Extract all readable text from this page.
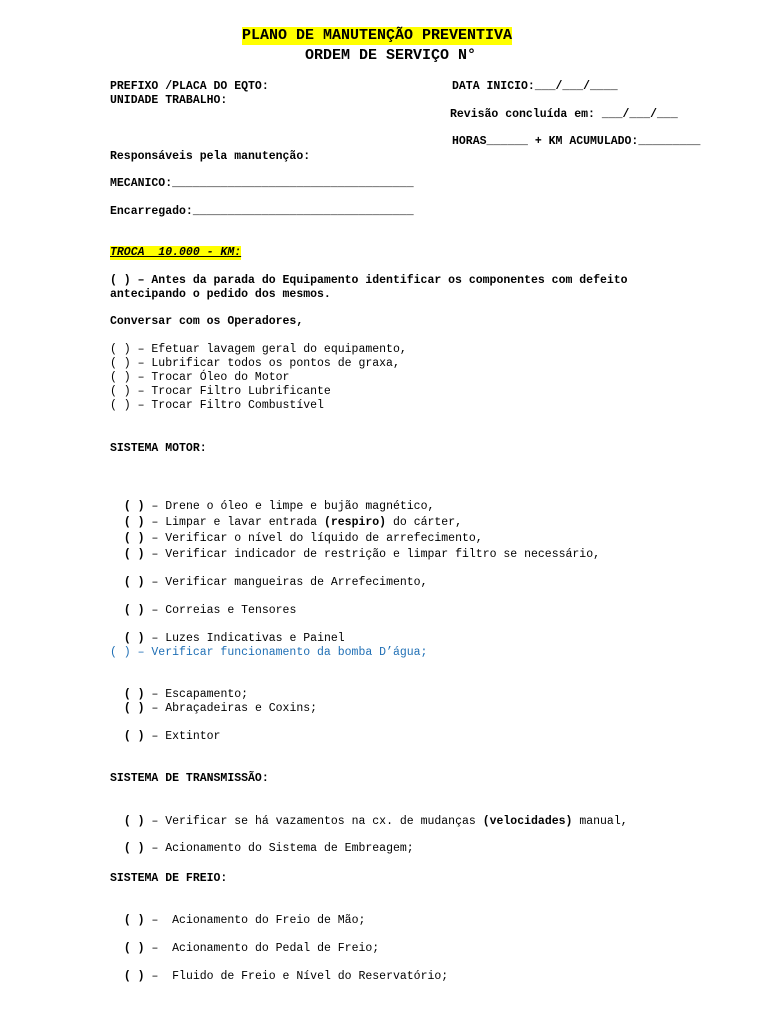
PLANO DE MANUTENÇÃO PREVENTIVA
ORDEM DE SERVIÇO N°
PREFIXO /PLACA DO EQTO:
UNIDADE TRABALHO:
DATA INICIO:___/___/____
Revisão concluída em: ___/___/___
HORAS______ + KM ACUMULADO:_________
Responsáveis pela manutenção:
MECANICO:___________________________________
Encarregado:________________________________
TROCA  10.000 - KM:
( ) – Antes da parada do Equipamento identificar os componentes com defeito
antecipando o pedido dos mesmos.
Conversar com os Operadores,
( ) – Efetuar lavagem geral do equipamento,
( ) – Lubrificar todos os pontos de graxa,
( ) – Trocar Óleo do Motor
( ) – Trocar Filtro Lubrificante
( ) – Trocar Filtro Combustível
SISTEMA MOTOR:

( ) – Drene o óleo e limpe e bujão magnético,

( ) – Limpar e lavar entrada (respiro) do cárter,

( ) – Verificar o nível do líquido de arrefecimento,

( ) – Verificar indicador de restrição e limpar filtro se necessário,

( ) – Verificar mangueiras de Arrefecimento,

( ) – Correias e Tensores

( ) – Luzes Indicativas e Painel

( ) – Verificar funcionamento da bomba D’água;

( ) – Escapamento;

( ) – Abraçadeiras e Coxins;

( ) – Extintor

SISTEMA DE TRANSMISSÃO:

( ) – Verificar se há vazamentos na cx. de mudanças (velocidades) manual,

( ) – Acionamento do Sistema de Embreagem;

SISTEMA DE FREIO:

( ) –  Acionamento do Freio de Mão;

( ) –  Acionamento do Pedal de Freio;

( ) –  Fluido de Freio e Nível do Reservatório;
